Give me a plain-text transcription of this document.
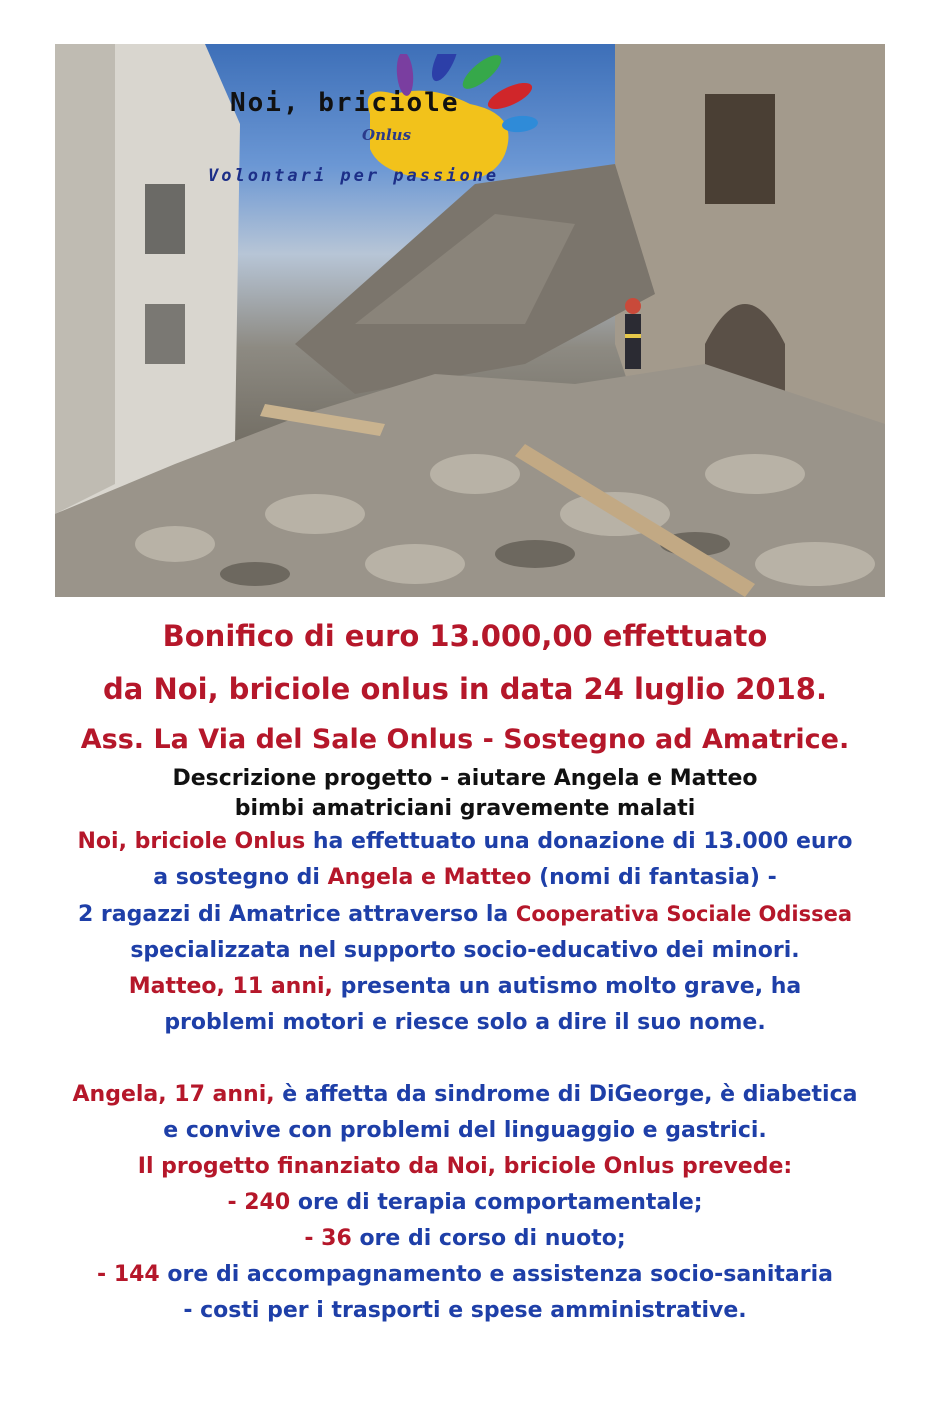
Noi, briciole
Onlus
Volontari per passione
Bonifico di euro 13.000,00 effettuato
da Noi, briciole onlus in data 24 luglio 2018.
Ass. La Via del Sale Onlus - Sostegno ad Amatrice.
Descrizione progetto - aiutare Angela e Matteo
bimbi amatriciani gravemente malati
Noi, briciole Onlus ha effettuato una donazione di 13.000 euro
a sostegno di Angela e Matteo (nomi di fantasia) -
2 ragazzi di Amatrice attraverso la Cooperativa Sociale Odissea
specializzata nel supporto socio-educativo dei minori.
Matteo, 11 anni, presenta un autismo molto grave, ha
problemi motori e riesce solo a dire il suo nome.
Angela, 17 anni, è affetta da sindrome di DiGeorge, è diabetica
e convive con problemi del linguaggio e gastrici.
Il progetto finanziato da Noi, briciole Onlus prevede:
- 240 ore di terapia comportamentale;
- 36 ore di corso di nuoto;
- 144 ore di accompagnamento e assistenza socio-sanitaria
- costi per i trasporti e spese amministrative.
